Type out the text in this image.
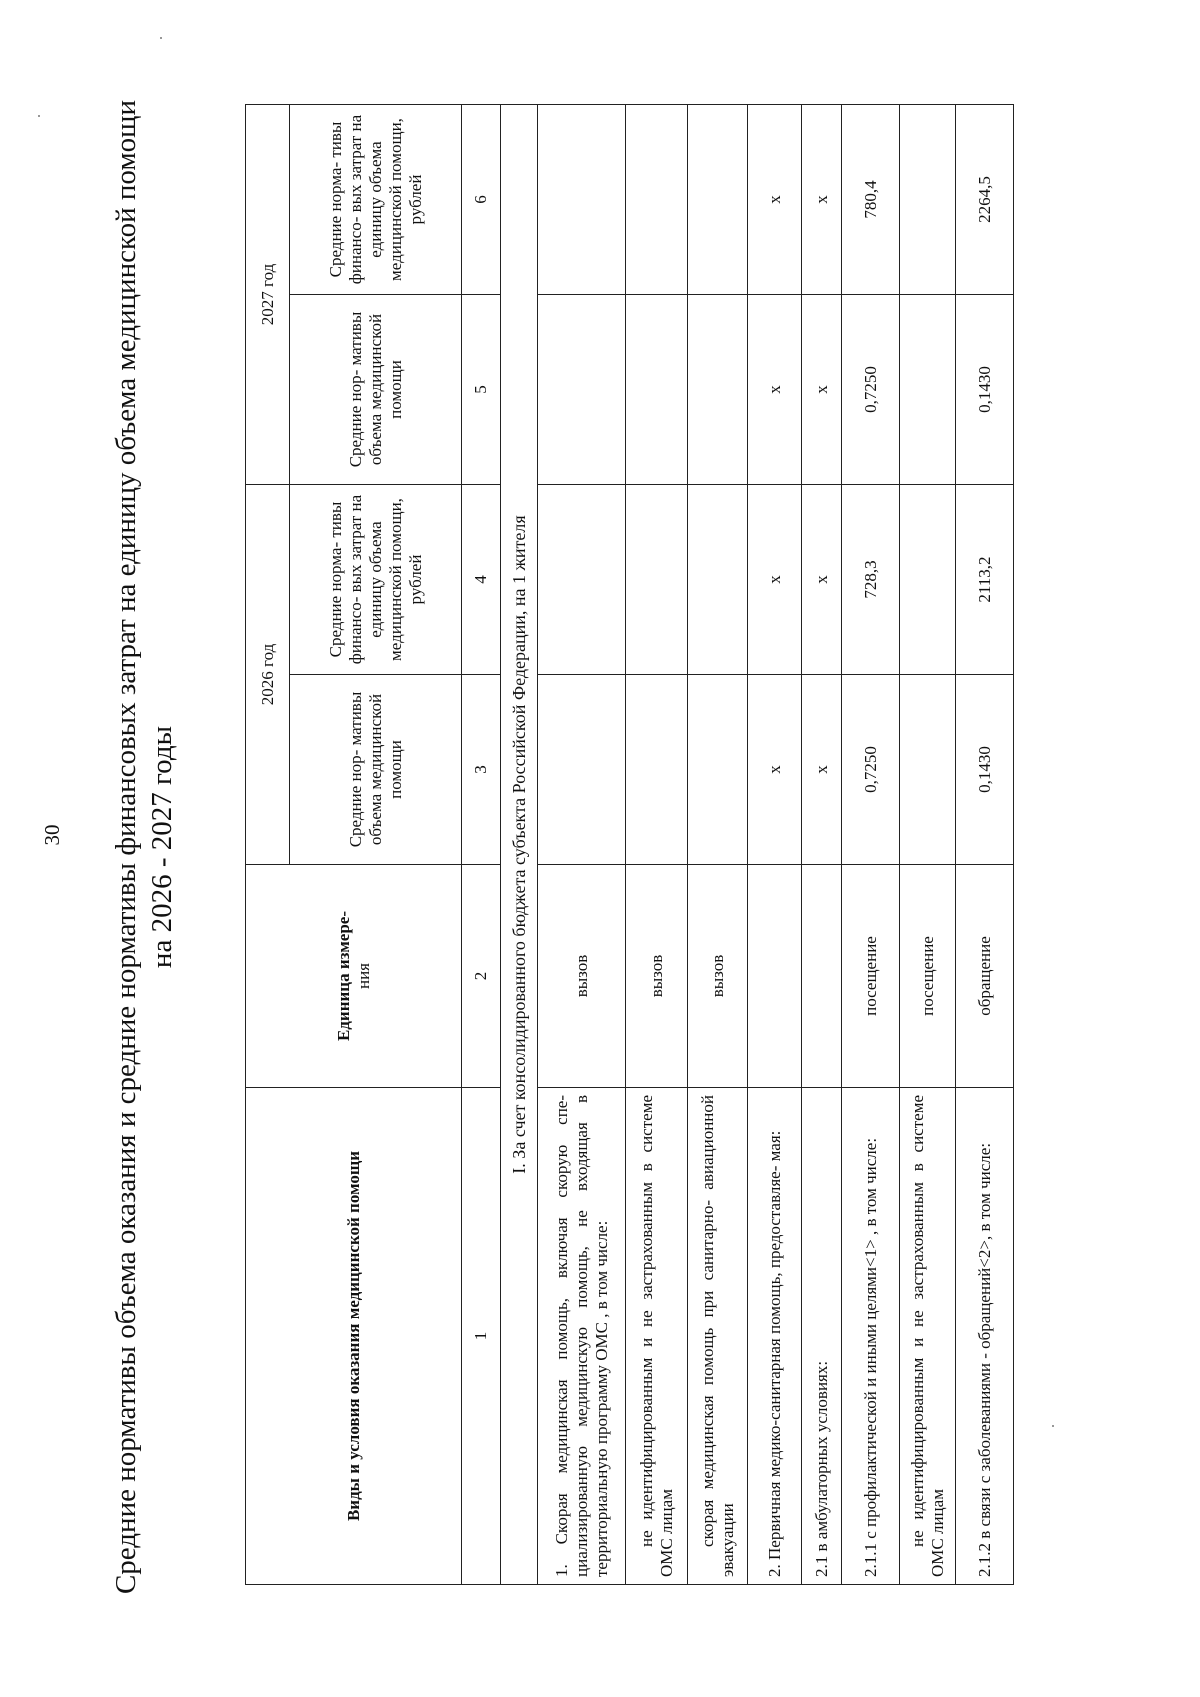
30 Средние нормативы объема оказания и средние нормативы финансовых затрат на единицу объема медицинской помощи на 2026 - 2027 годы
Виды и условия оказания медицинской помощи	Единица измере-
ния	2026 год		2027 год	
		Средние нор- мативы объема медицинской помощи	Средние норма- тивы финансо- вых затрат на единицу объема медицинской помощи, рублей	Средние нор- мативы объема медицинской помощи	Средние норма- тивы финансо- вых затрат на единицу объема медицинской помощи, рублей
1	2	3	4	5	6
I. За счет консолидированного бюджета субъекта Российской Федерации, на 1 жителя					
1. Скорая медицинская помощь, включая скорую спе- циализированную медицинскую помощь, не входящая в территориальную программу ОМС , в том числе:	вызов				
не идентифицированным и не застрахованным в системе ОМС лицам	вызов				
скорая медицинская помощь при санитарно- авиационной эвакуации	вызов				
2. Первичная медико-санитарная помощь, предоставляе- мая:		х	х	х	х
2.1 в амбулаторных условиях:		х	х	х	х
2.1.1 с профилактической и иными целями<1> , в том числе:	посещение	0,7250	728,3	0,7250	780,4
не идентифицированным и не застрахованным в системе ОМС лицам	посещение				
2.1.2 в связи с заболеваниями - обращений<2>, в том числе:	обращение	0,1430	2113,2	0,1430	2264,5
